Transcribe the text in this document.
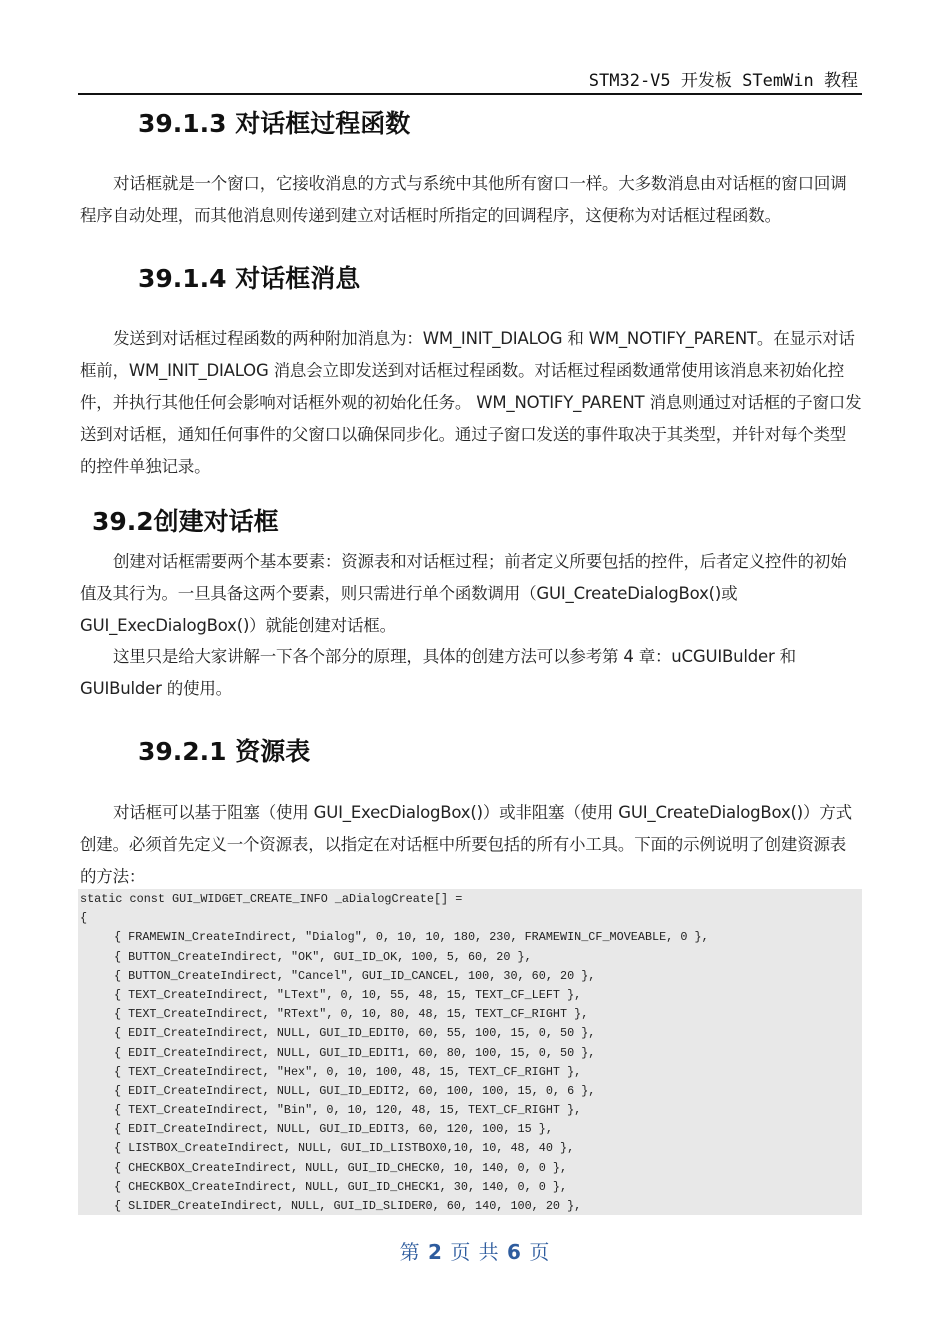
STM32-V5 开发板 STemWin 教程
39.1.3 对话框过程函数

对话框就是一个窗口，它接收消息的方式与系统中其他所有窗口一样。大多数消息由对话框的窗口回调程序自动处理，而其他消息则传递到建立对话框时所指定的回调程序，这便称为对话框过程函数。

39.1.4 对话框消息

发送到对话框过程函数的两种附加消息为：WM_INIT_DIALOG 和 WM_NOTIFY_PARENT。在显示对话框前，WM_INIT_DIALOG 消息会立即发送到对话框过程函数。对话框过程函数通常使用该消息来初始化控件，并执行其他任何会影响对话框外观的初始化任务。 WM_NOTIFY_PARENT 消息则通过对话框的子窗口发送到对话框，通知任何事件的父窗口以确保同步化。通过子窗口发送的事件取决于其类型，并针对每个类型的控件单独记录。

39.2创建对话框

创建对话框需要两个基本要素：资源表和对话框过程；前者定义所要包括的控件，后者定义控件的初始值及其行为。一旦具备这两个要素，则只需进行单个函数调用（GUI_CreateDialogBox()或GUI_ExecDialogBox()）就能创建对话框。

这里只是给大家讲解一下各个部分的原理，具体的创建方法可以参考第 4 章：uCGUIBulder 和GUIBulder 的使用。

39.2.1 资源表

对话框可以基于阻塞（使用 GUI_ExecDialogBox()）或非阻塞（使用 GUI_CreateDialogBox()）方式创建。必须首先定义一个资源表，以指定在对话框中所要包括的所有小工具。下面的示例说明了创建资源表的方法：

static const GUI_WIDGET_CREATE_INFO _aDialogCreate[] =
{
{ FRAMEWIN_CreateIndirect, "Dialog", 0, 10, 10, 180, 230, FRAMEWIN_CF_MOVEABLE, 0 },
{ BUTTON_CreateIndirect, "OK", GUI_ID_OK, 100, 5, 60, 20 },
{ BUTTON_CreateIndirect, "Cancel", GUI_ID_CANCEL, 100, 30, 60, 20 },
{ TEXT_CreateIndirect, "LText", 0, 10, 55, 48, 15, TEXT_CF_LEFT },
{ TEXT_CreateIndirect, "RText", 0, 10, 80, 48, 15, TEXT_CF_RIGHT },
{ EDIT_CreateIndirect, NULL, GUI_ID_EDIT0, 60, 55, 100, 15, 0, 50 },
{ EDIT_CreateIndirect, NULL, GUI_ID_EDIT1, 60, 80, 100, 15, 0, 50 },
{ TEXT_CreateIndirect, "Hex", 0, 10, 100, 48, 15, TEXT_CF_RIGHT },
{ EDIT_CreateIndirect, NULL, GUI_ID_EDIT2, 60, 100, 100, 15, 0, 6 },
{ TEXT_CreateIndirect, "Bin", 0, 10, 120, 48, 15, TEXT_CF_RIGHT },
{ EDIT_CreateIndirect, NULL, GUI_ID_EDIT3, 60, 120, 100, 15 },
{ LISTBOX_CreateIndirect, NULL, GUI_ID_LISTBOX0,10, 10, 48, 40 },
{ CHECKBOX_CreateIndirect, NULL, GUI_ID_CHECK0, 10, 140, 0, 0 },
{ CHECKBOX_CreateIndirect, NULL, GUI_ID_CHECK1, 30, 140, 0, 0 },
{ SLIDER_CreateIndirect, NULL, GUI_ID_SLIDER0, 60, 140, 100, 20 },
第 2 页 共 6 页
